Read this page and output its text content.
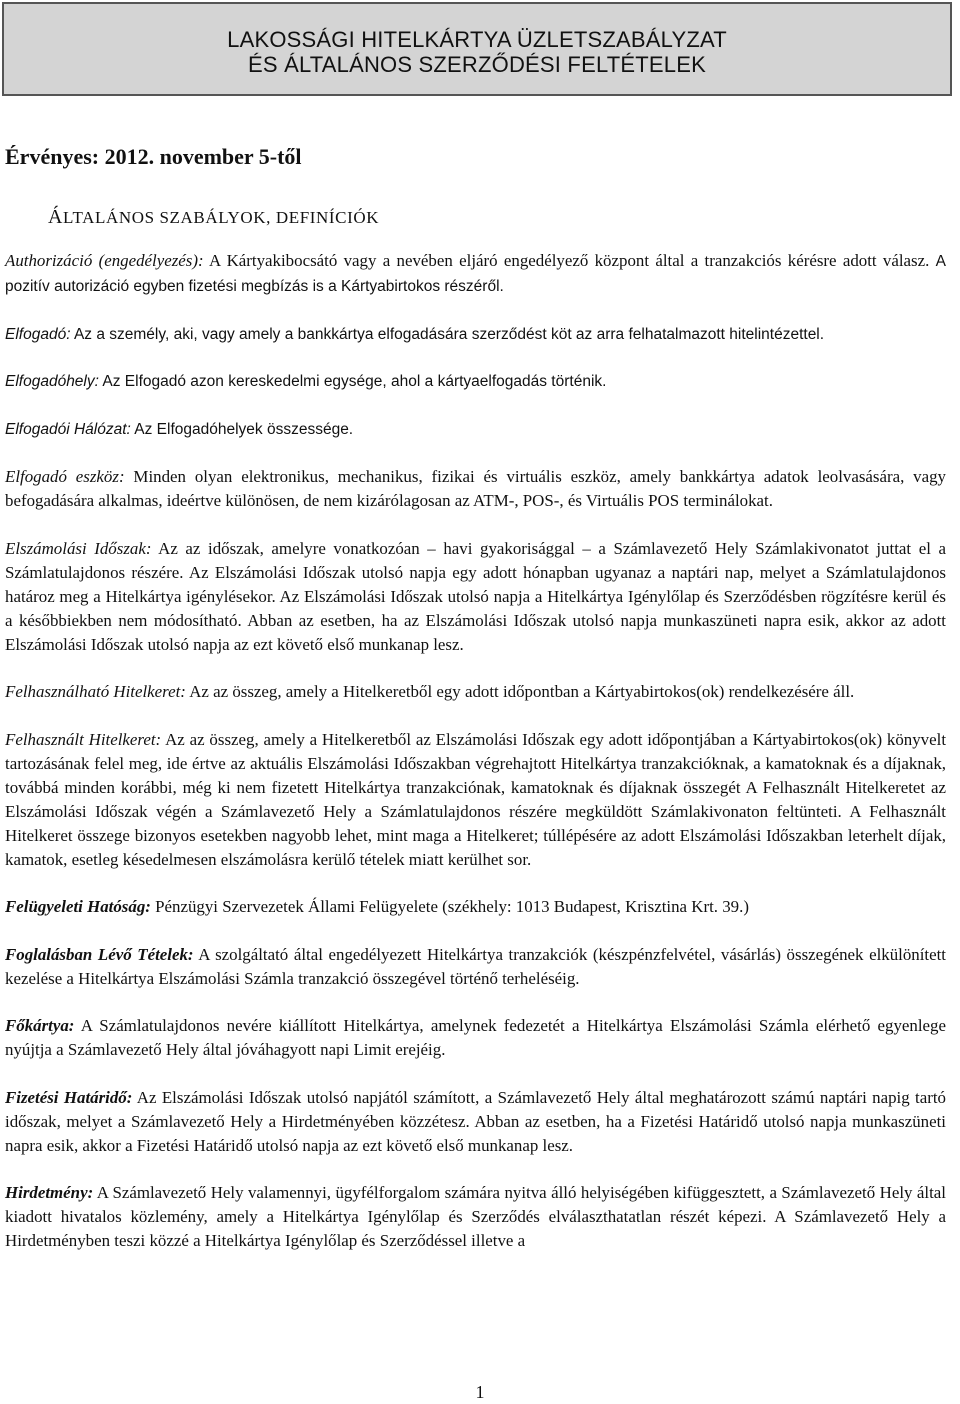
LAKOSSÁGI HITELKÁRTYA ÜZLETSZABÁLYZAT
ÉS ÁLTALÁNOS SZERZŐDÉSI FELTÉTELEK
Érvényes: 2012. november 5-től
ÁLTALÁNOS SZABÁLYOK, DEFINÍCIÓK

Authorizáció (engedélyezés): A Kártyakibocsátó vagy a nevében eljáró engedélyező központ által a tranzakciós kérésre adott válasz. A pozitív autorizáció egyben fizetési megbízás is a Kártyabirtokos részéről.

Elfogadó: Az a személy, aki, vagy amely a bankkártya elfogadására szerződést köt az arra felhatalmazott hitelintézettel.

Elfogadóhely: Az Elfogadó azon kereskedelmi egysége, ahol a kártyaelfogadás történik.

Elfogadói Hálózat: Az Elfogadóhelyek összessége.

Elfogadó eszköz: Minden olyan elektronikus, mechanikus, fizikai és virtuális eszköz, amely bankkártya adatok leolvasására, vagy befogadására alkalmas, ideértve különösen, de nem kizárólagosan az ATM-, POS-, és Virtuális POS terminálokat.

Elszámolási Időszak: Az az időszak, amelyre vonatkozóan – havi gyakorisággal – a Számlavezető Hely Számlakivonatot juttat el a Számlatulajdonos részére. Az Elszámolási Időszak utolsó napja egy adott hónapban ugyanaz a naptári nap, melyet a Számlatulajdonos határoz meg a Hitelkártya igénylésekor. Az Elszámolási Időszak utolsó napja a Hitelkártya Igénylőlap és Szerződésben rögzítésre kerül és a későbbiekben nem módosítható. Abban az esetben, ha az Elszámolási Időszak utolsó napja munkaszüneti napra esik, akkor az adott Elszámolási Időszak utolsó napja az ezt követő első munkanap lesz.

Felhasználható Hitelkeret: Az az összeg, amely a Hitelkeretből egy adott időpontban a Kártyabirtokos(ok) rendelkezésére áll.

Felhasznált Hitelkeret: Az az összeg, amely a Hitelkeretből az Elszámolási Időszak egy adott időpontjában a Kártyabirtokos(ok) könyvelt tartozásának felel meg, ide értve az aktuális Elszámolási Időszakban végrehajtott Hitelkártya tranzakcióknak, a kamatoknak és a díjaknak, továbbá minden korábbi, még ki nem fizetett Hitelkártya tranzakciónak, kamatoknak és díjaknak összegét A Felhasznált Hitelkeretet az Elszámolási Időszak végén a Számlavezető Hely a Számlatulajdonos részére megküldött Számlakivonaton feltünteti. A Felhasznált Hitelkeret összege bizonyos esetekben nagyobb lehet, mint maga a Hitelkeret; túllépésére az adott Elszámolási Időszakban leterhelt díjak, kamatok, esetleg késedelmesen elszámolásra kerülő tételek miatt kerülhet sor.

Felügyeleti Hatóság: Pénzügyi Szervezetek Állami Felügyelete (székhely: 1013 Budapest, Krisztina Krt. 39.)

Foglalásban Lévő Tételek: A szolgáltató által engedélyezett Hitelkártya tranzakciók (készpénzfelvétel, vásárlás) összegének elkülönített kezelése a Hitelkártya Elszámolási Számla tranzakció összegével történő terheléséig.

Főkártya: A Számlatulajdonos nevére kiállított Hitelkártya, amelynek fedezetét a Hitelkártya Elszámolási Számla elérhető egyenlege nyújtja a Számlavezető Hely által jóváhagyott napi Limit erejéig.

Fizetési Határidő: Az Elszámolási Időszak utolsó napjától számított, a Számlavezető Hely által meghatározott számú naptári napig tartó időszak, melyet a Számlavezető Hely a Hirdetményében közzétesz. Abban az esetben, ha a Fizetési Határidő utolsó napja munkaszüneti napra esik, akkor a Fizetési Határidő utolsó napja az ezt követő első munkanap lesz.

Hirdetmény: A Számlavezető Hely valamennyi, ügyfélforgalom számára nyitva álló helyiségében kifüggesztett, a Számlavezető Hely által kiadott hivatalos közlemény, amely a Hitelkártya Igénylőlap és Szerződés elválaszthatatlan részét képezi. A Számlavezető Hely a Hirdetményben teszi közzé a Hitelkártya Igénylőlap és Szerződéssel illetve a

1
